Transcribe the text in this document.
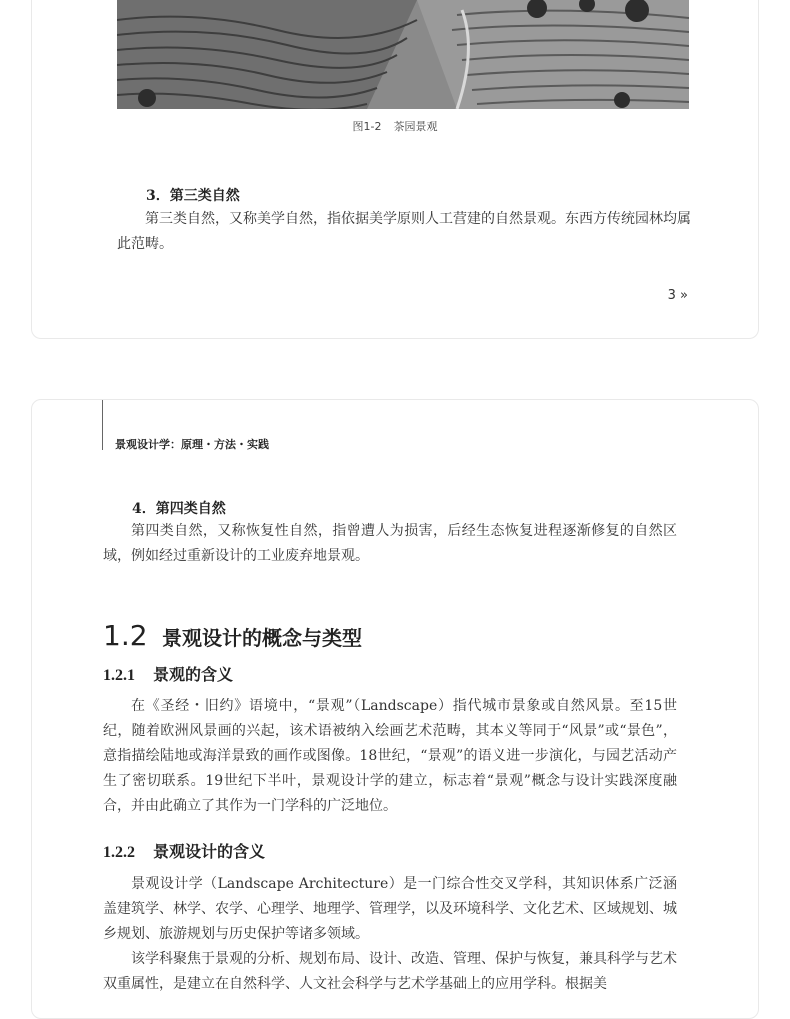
图1-2 茶园景观
3．第三类自然

第三类自然，又称美学自然，指依据美学原则人工营建的自然景观。东西方传统园林均属此范畴。

3 »
景观设计学：原理・方法・实践
4．第四类自然

第四类自然，又称恢复性自然，指曾遭人为损害，后经生态恢复进程逐渐修复的自然区域，例如经过重新设计的工业废弃地景观。

1.2 景观设计的概念与类型
1.2.1 景观的含义

在《圣经・旧约》语境中，“景观”（Landscape）指代城市景象或自然风景。至15世纪，随着欧洲风景画的兴起，该术语被纳入绘画艺术范畴，其本义等同于“风景”或“景色”，意指描绘陆地或海洋景致的画作或图像。18世纪，“景观”的语义进一步演化，与园艺活动产生了密切联系。19世纪下半叶，景观设计学的建立，标志着“景观”概念与设计实践深度融合，并由此确立了其作为一门学科的广泛地位。

1.2.2 景观设计的含义

景观设计学（Landscape Architecture）是一门综合性交叉学科，其知识体系广泛涵盖建筑学、林学、农学、心理学、地理学、管理学，以及环境科学、文化艺术、区域规划、城乡规划、旅游规划与历史保护等诸多领域。

该学科聚焦于景观的分析、规划布局、设计、改造、管理、保护与恢复，兼具科学与艺术双重属性，是建立在自然科学、人文社会科学与艺术学基础上的应用学科。根据美
